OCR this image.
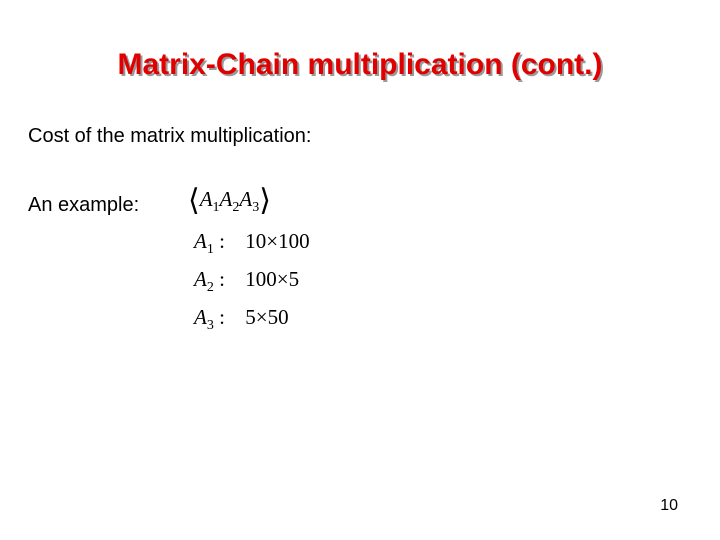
Matrix-Chain multiplication (cont.)
Cost of the matrix multiplication:
An example: $⟨A_1A_2A_3⟩$
$A_1$ : 10×100
$A_2$ : 100×5
$A_3$ : 5×50
10
